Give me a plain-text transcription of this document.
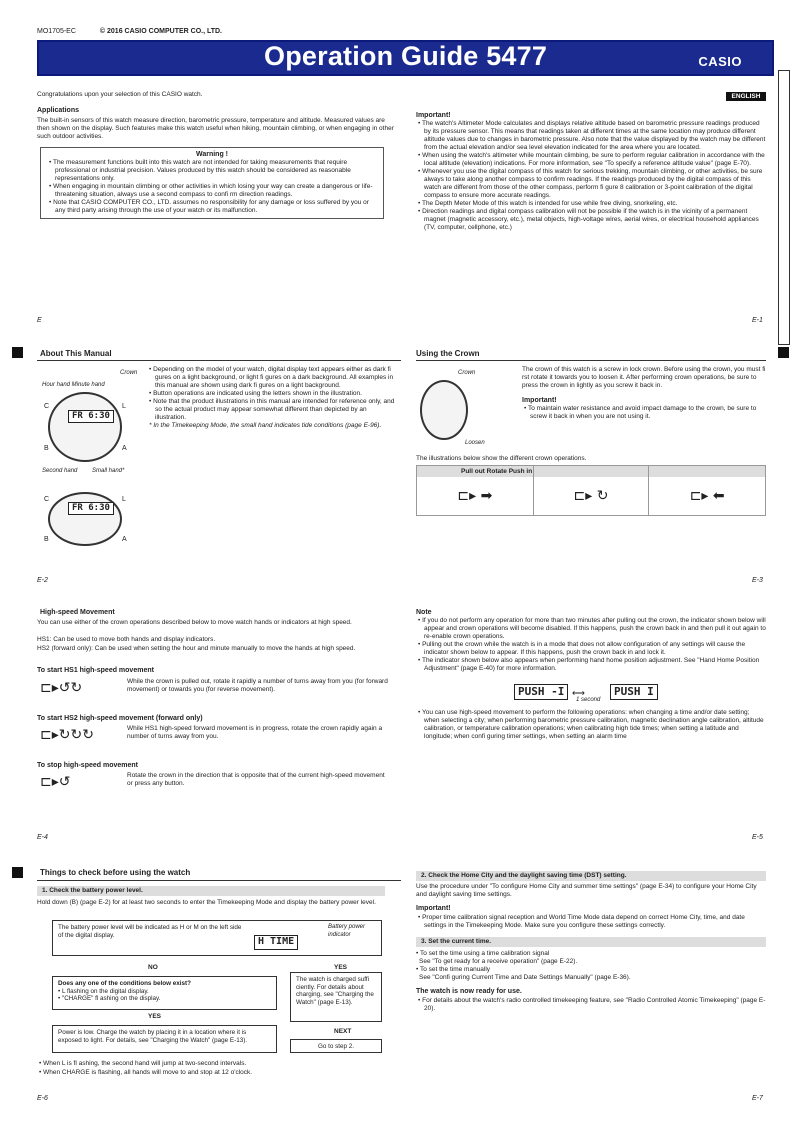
MO1705-EC	© 2016 CASIO COMPUTER CO., LTD.
Operation Guide 5477	CASIO
ENGLISH
Congratulations upon your selection of this CASIO watch.
Applications
The built-in sensors of this watch measure direction, barometric pressure, temperature and altitude. Measured values are then shown on the display. Such features make this watch useful when hiking, mountain climbing, or when engaging in other such outdoor activities.
Warning !
• The measurement functions built into this watch are not intended for taking measurements that require professional or industrial precision. Values produced by this watch should be considered as reasonable representations only.
• When engaging in mountain climbing or other activities in which losing your way can create a dangerous or life-threatening situation, always use a second compass to confi rm direction readings.
• Note that CASIO COMPUTER CO., LTD. assumes no responsibility for any damage or loss suffered by you or any third party arising through the use of your watch or its malfunction.
Important!
• The watch's Altimeter Mode calculates and displays relative altitude based on barometric pressure readings produced by its pressure sensor. This means that readings taken at different times at the same location may produce different altitude values due to changes in barometric pressure. Also note that the value displayed by the watch may be different from the actual elevation and/or sea level elevation indicated for the area where you are located.
• When using the watch's altimeter while mountain climbing, be sure to perform regular calibration in accordance with the local altitude (elevation) indications. For more information, see "To specify a reference altitude value" (page E-70).
• Whenever you use the digital compass of this watch for serious trekking, mountain climbing, or other activities, be sure always to take along another compass to confirm readings. If the readings produced by the digital compass of this watch are different from those of the other compass, perform fi gure 8 calibration or 3-point calibration of the digital compass to ensure more accurate readings.
• The Depth Meter Mode of this watch is intended for use while free diving, snorkeling, etc.
• Direction readings and digital compass calibration will not be possible if the watch is in the vicinity of a permanent magnet (magnetic accessory, etc.), metal objects, high-voltage wires, aerial wires, or electrical household appliances (TV, computer, cellphone, etc.)
E	E-1
About This Manual	Using the Crown
Crown
Hour hand Minute hand
FR 6:30
C	L
B	A
Second hand Small hand*
FR 6:30
C	L
B	A
• Depending on the model of your watch, digital display text appears either as dark fi gures on a light background, or light fi gures on a dark background. All examples in this manual are shown using dark fi gures on a light background.
• Button operations are indicated using the letters shown in the illustration.
• Note that the product illustrations in this manual are intended for reference only, and so the actual product may appear somewhat different than depicted by an illustration.
* In the Timekeeping Mode, the small hand indicates tide conditions (page E-96).
Crown
Loosen
The crown of this watch is a screw in lock crown. Before using the crown, you must fi rst rotate it towards you to loosen it. After performing crown operations, be sure to press the crown in lightly as you screw it back in.
Important!
• To maintain water resistance and avoid impact damage to the crown, be sure to screw it back in when you are not using it.
The illustrations below show the different crown operations.
Pull out Rotate Push in
⊏▸ ➡	⊏▸ ↻	⊏▸ ⬅
E-2	E-3
High-speed Movement
You can use either of the crown operations described below to move watch hands or indicators at high speed.
HS1: Can be used to move both hands and display indicators.
HS2 (forward only): Can be used when setting the hour and minute manually to move the hands at high speed.
To start HS1 high-speed movement
⊏▸↺↻	While the crown is pulled out, rotate it rapidly a number of turns away from you (for forward movement) or towards you (for reverse movement).
To start HS2 high-speed movement (forward only)
⊏▸↻↻↻	While HS1 high-speed forward movement is in progress, rotate the crown rapidly again a number of turns away from you.
To stop high-speed movement
⊏▸↺	Rotate the crown in the direction that is opposite that of the current high-speed movement or press any button.
Note
• If you do not perform any operation for more than two minutes after pulling out the crown, the indicator shown below will appear and crown operations will become disabled. If this happens, push the crown back in and then pull it out again to re-enable crown operations.
• Pulling out the crown while the watch is in a mode that does not allow configuration of any settings will cause the indicator shown below to appear. If this happens, push the crown back in and lock it.
• The indicator shown below also appears when performing hand home position adjustment. See "Hand Home Position Adjustment" (page E-40) for more information.
PUSH -I ⟷
1 second
PUSH I
• You can use high-speed movement to perform the following operations: when changing a time and/or date setting; when selecting a city; when performing barometric pressure calibration, magnetic declination angle calibration, altitude calibration, or temperature calibration operations; when calibrating high tide times; when setting a latitude and longitude; when confi guring timer settings, when setting an alarm time
E-4	E-5
Things to check before using the watch
1. Check the battery power level.
Hold down (B) (page E-2) for at least two seconds to enter the Timekeeping Mode and display the battery power level.
The battery power level will be indicated as H or M on the left side of the digital display.
H TIME
Battery power indicator
NO	YES
Does any one of the conditions below exist?
• L flashing on the digital display.
• "CHARGE" fl ashing on the display.
The watch is charged suffi ciently. For details about charging, see "Charging the Watch" (page E-13).
YES
NEXT
Power is low. Charge the watch by placing it in a location where it is exposed to light. For details, see "Charging the Watch" (page E-13).
Go to step 2.
• When L is fl ashing, the second hand will jump at two-second intervals.
• When CHARGE is flashing, all hands will move to and stop at 12 o'clock.
2. Check the Home City and the daylight saving time (DST) setting.
Use the procedure under "To configure Home City and summer time settings" (page E-34) to configure your Home City and daylight saving time settings.
Important!
• Proper time calibration signal reception and World Time Mode data depend on correct Home City, time, and date settings in the Timekeeping Mode. Make sure you configure these settings correctly.
3. Set the current time.
• To set the time using a time calibration signal
See "To get ready for a receive operation" (page E-22).
• To set the time manually
See "Confi guring Current Time and Date Settings Manually" (page E-36).
The watch is now ready for use.
• For details about the watch's radio controlled timekeeping feature, see "Radio Controlled Atomic Timekeeping" (page E-20).
E-6	E-7
